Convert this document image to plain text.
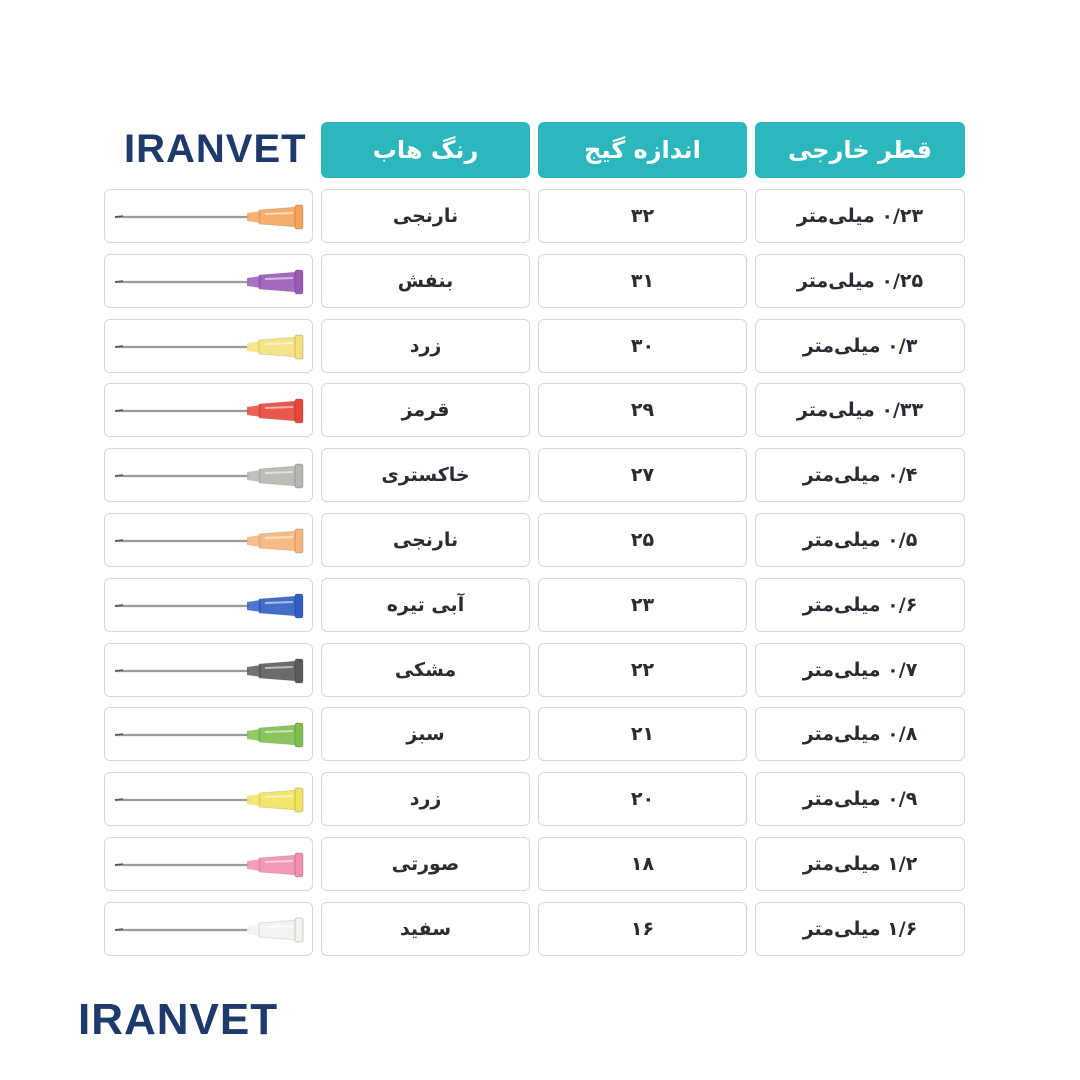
IRANVET	قطر خارجی
اندازه گیج
رنگ هاب
۰/۲۳ میلی‌متر
۳۲
نارنجی
۰/۲۵ میلی‌متر
۳۱
بنفش
۰/۳ میلی‌متر
۳۰
زرد
۰/۳۳ میلی‌متر
۲۹
قرمز
۰/۴ میلی‌متر
۲۷
خاکستری
۰/۵ میلی‌متر
۲۵
نارنجی
۰/۶ میلی‌متر
۲۳
آبی تیره
۰/۷ میلی‌متر
۲۲
مشکی
۰/۸ میلی‌متر
۲۱
سبز
۰/۹ میلی‌متر
۲۰
زرد
۱/۲ میلی‌متر
۱۸
صورتی
۱/۶ میلی‌متر
۱۶
سفید
IRANVET
